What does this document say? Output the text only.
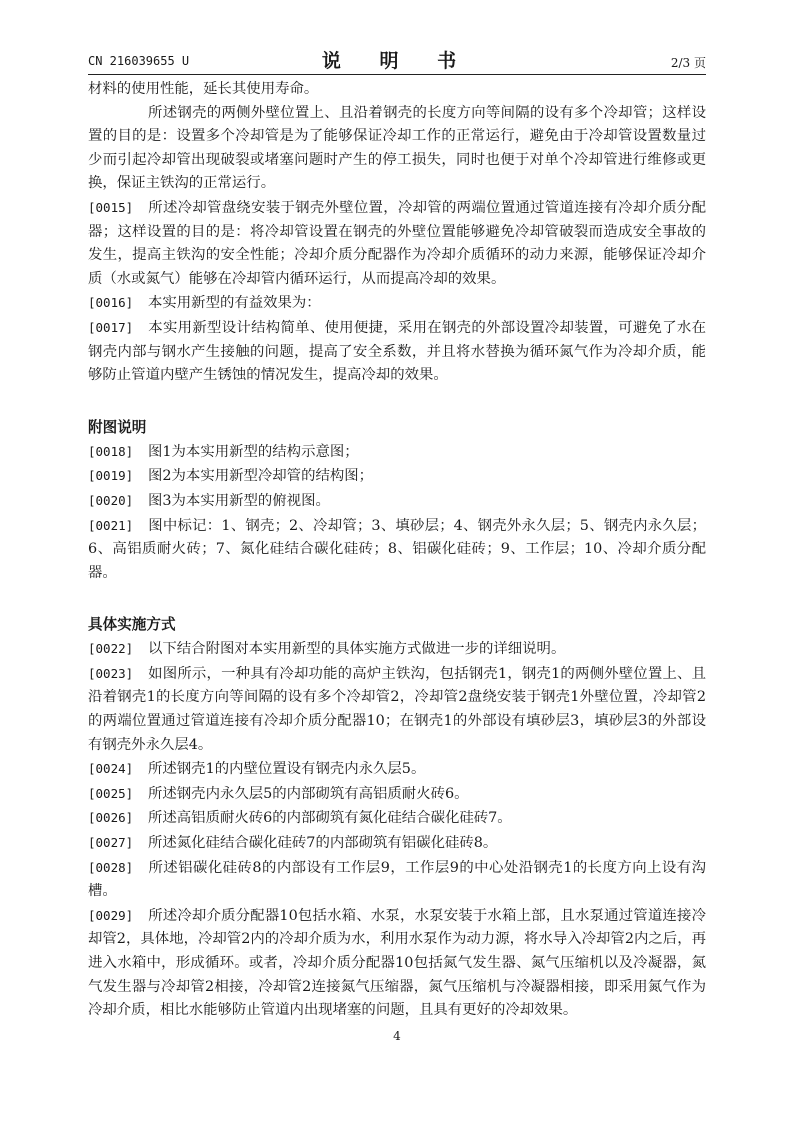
CN 216039655 U	说 明 书	2/3 页

材料的使用性能，延长其使用寿命。

所述钢壳的两侧外壁位置上、且沿着钢壳的长度方向等间隔的设有多个冷却管；这样设置的目的是：设置多个冷却管是为了能够保证冷却工作的正常运行，避免由于冷却管设置数量过少而引起冷却管出现破裂或堵塞问题时产生的停工损失，同时也便于对单个冷却管进行维修或更换，保证主铁沟的正常运行。

[0015] 所述冷却管盘绕安装于钢壳外壁位置，冷却管的两端位置通过管道连接有冷却介质分配器；这样设置的目的是：将冷却管设置在钢壳的外壁位置能够避免冷却管破裂而造成安全事故的发生，提高主铁沟的安全性能；冷却介质分配器作为冷却介质循环的动力来源，能够保证冷却介质（水或氮气）能够在冷却管内循环运行，从而提高冷却的效果。

[0016] 本实用新型的有益效果为：

[0017] 本实用新型设计结构简单、使用便捷，采用在钢壳的外部设置冷却装置，可避免了水在钢壳内部与钢水产生接触的问题，提高了安全系数，并且将水替换为循环氮气作为冷却介质，能够防止管道内壁产生锈蚀的情况发生，提高冷却的效果。

附图说明

[0018] 图1为本实用新型的结构示意图；

[0019] 图2为本实用新型冷却管的结构图；

[0020] 图3为本实用新型的俯视图。

[0021] 图中标记：1、钢壳；2、冷却管；3、填砂层；4、钢壳外永久层；5、钢壳内永久层；6、高铝质耐火砖；7、氮化硅结合碳化硅砖；8、铝碳化硅砖；9、工作层；10、冷却介质分配器。

具体实施方式

[0022] 以下结合附图对本实用新型的具体实施方式做进一步的详细说明。

[0023] 如图所示，一种具有冷却功能的高炉主铁沟，包括钢壳1，钢壳1的两侧外壁位置上、且沿着钢壳1的长度方向等间隔的设有多个冷却管2，冷却管2盘绕安装于钢壳1外壁位置，冷却管2的两端位置通过管道连接有冷却介质分配器10；在钢壳1的外部设有填砂层3，填砂层3的外部设有钢壳外永久层4。

[0024] 所述钢壳1的内壁位置设有钢壳内永久层5。

[0025] 所述钢壳内永久层5的内部砌筑有高铝质耐火砖6。

[0026] 所述高铝质耐火砖6的内部砌筑有氮化硅结合碳化硅砖7。

[0027] 所述氮化硅结合碳化硅砖7的内部砌筑有铝碳化硅砖8。

[0028] 所述铝碳化硅砖8的内部设有工作层9，工作层9的中心处沿钢壳1的长度方向上设有沟槽。

[0029] 所述冷却介质分配器10包括水箱、水泵，水泵安装于水箱上部，且水泵通过管道连接冷却管2，具体地，冷却管2内的冷却介质为水，利用水泵作为动力源，将水导入冷却管2内之后，再进入水箱中，形成循环。或者，冷却介质分配器10包括氮气发生器、氮气压缩机以及冷凝器，氮气发生器与冷却管2相接，冷却管2连接氮气压缩器，氮气压缩机与冷凝器相接，即采用氮气作为冷却介质，相比水能够防止管道内出现堵塞的问题，且具有更好的冷却效果。

4
